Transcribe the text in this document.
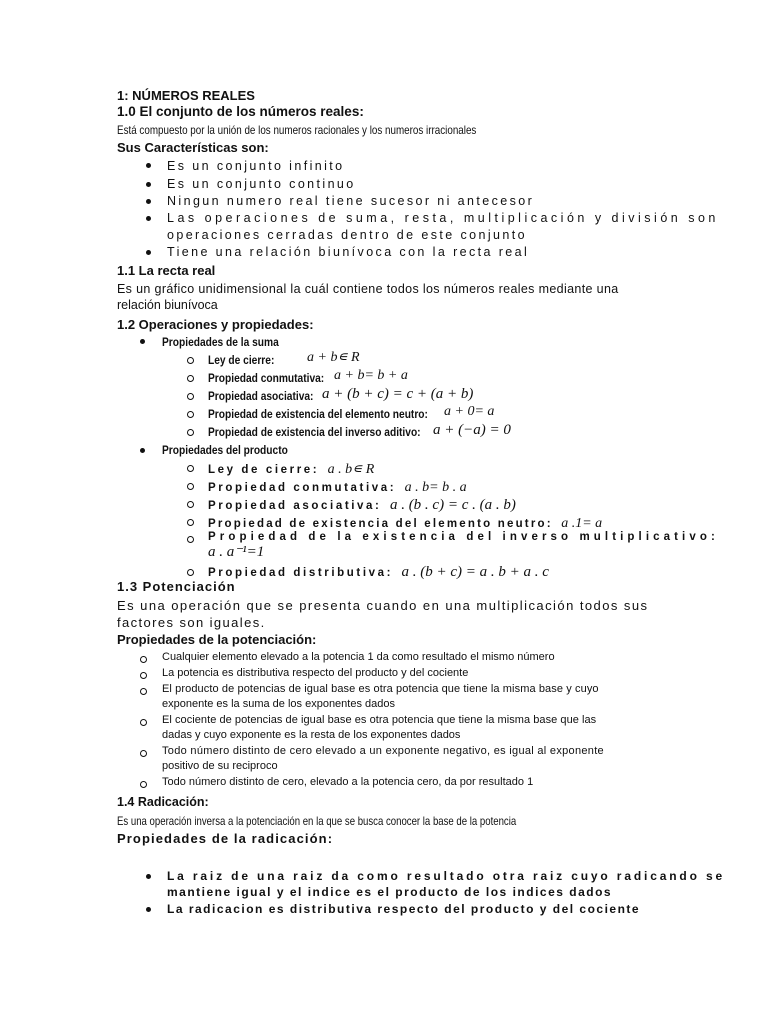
1: NÚMEROS REALES
1.0 El conjunto de los números reales:
Está compuesto por la unión de los numeros racionales y los numeros irracionales
Sus Características son:
Es un conjunto infinito
Es un conjunto continuo
Ningun numero real tiene sucesor ni antecesor
Las operaciones de suma, resta, multiplicación y división son
operaciones cerradas dentro de este conjunto
Tiene una relación biunívoca con la recta real
1.1 La recta real
Es un gráfico unidimensional la cuál contiene todos los números reales mediante una
relación biunívoca
1.2 Operaciones y propiedades:
Propiedades de la suma
Ley de cierre: a + b∊ R
Propiedad conmutativa: a + b= b + a
Propiedad asociativa: a + (b + c) = c + (a + b)
Propiedad de existencia del elemento neutro: a + 0= a
Propiedad de existencia del inverso aditivo: a + (−a) = 0
Propiedades del producto
Ley de cierre: a . b∊ R
Propiedad conmutativa: a . b= b . a
Propiedad asociativa: a . (b . c) = c . (a . b)
Propiedad de existencia del elemento neutro: a .1= a
Propiedad de la existencia del inverso multiplicativo:
a . a⁻¹=1
Propiedad distributiva: a . (b + c) = a . b + a . c
1.3 Potenciación
Es una operación que se presenta cuando en una multiplicación todos sus
factores son iguales.
Propiedades de la potenciación:
Cualquier elemento elevado a la potencia 1 da como resultado el mismo número
La potencia es distributiva respecto del producto y del cociente
El producto de potencias de igual base es otra potencia que tiene la misma base y cuyo
exponente es la suma de los exponentes dados
El cociente de potencias de igual base es otra potencia que tiene la misma base que las
dadas y cuyo exponente es la resta de los exponentes dados
Todo número distinto de cero elevado a un exponente negativo, es igual al exponente
positivo de su reciproco
Todo número distinto de cero, elevado a la potencia cero, da por resultado 1
1.4 Radicación:
Es una operación inversa a la potenciación en la que se busca conocer la base de la potencia
Propiedades de la radicación:
La raiz de una raiz da como resultado otra raiz cuyo radicando se
mantiene igual y el indice es el producto de los indices dados
La radicacion es distributiva respecto del producto y del cociente
